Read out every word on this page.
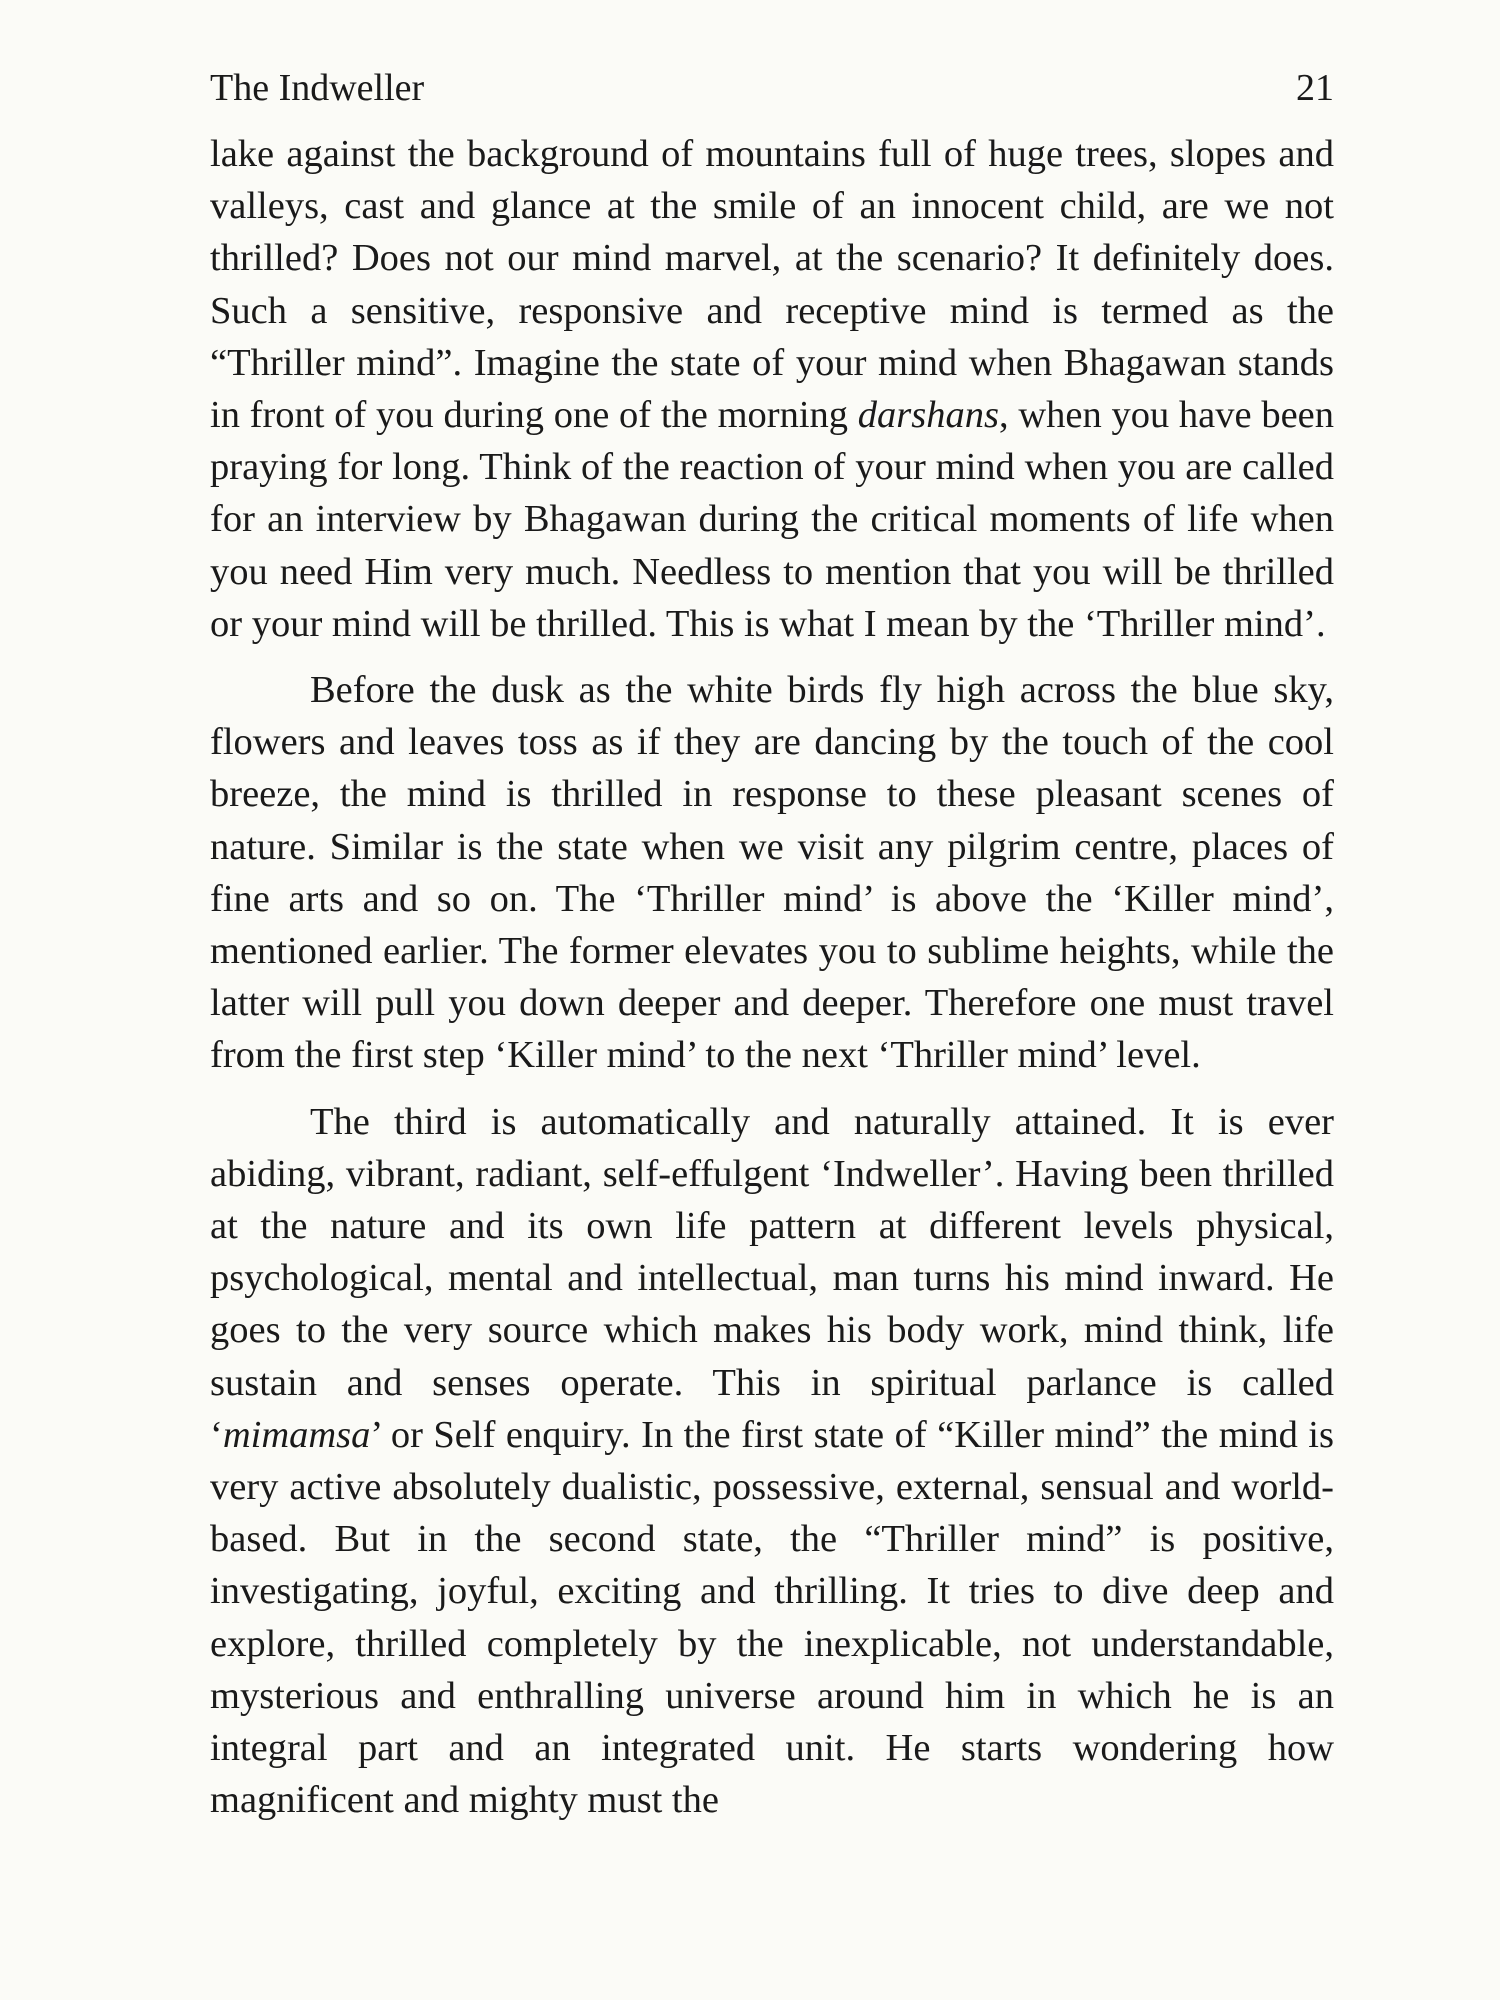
The Indweller	21

lake against the background of mountains full of huge trees, slopes and valleys, cast and glance at the smile of an innocent child, are we not thrilled? Does not our mind marvel, at the scenario? It definitely does. Such a sensitive, responsive and receptive mind is termed as the “Thriller mind”. Imagine the state of your mind when Bhagawan stands in front of you during one of the morning darshans, when you have been praying for long. Think of the reaction of your mind when you are called for an interview by Bhagawan during the critical moments of life when you need Him very much. Needless to mention that you will be thrilled or your mind will be thrilled. This is what I mean by the ‘Thriller mind’.

Before the dusk as the white birds fly high across the blue sky, flowers and leaves toss as if they are dancing by the touch of the cool breeze, the mind is thrilled in response to these pleasant scenes of nature. Similar is the state when we visit any pilgrim centre, places of fine arts and so on. The ‘Thriller mind’ is above the ‘Killer mind’, mentioned earlier. The former elevates you to sublime heights, while the latter will pull you down deeper and deeper. Therefore one must travel from the first step ‘Killer mind’ to the next ‘Thriller mind’ level.

The third is automatically and naturally attained. It is ever abiding, vibrant, radiant, self-effulgent ‘Indweller’. Having been thrilled at the nature and its own life pattern at different levels physical, psychological, mental and intellectual, man turns his mind inward. He goes to the very source which makes his body work, mind think, life sustain and senses operate. This in spiritual parlance is called ‘mimamsa’ or Self enquiry. In the first state of “Killer mind” the mind is very active absolutely dualistic, possessive, external, sensual and world-based. But in the second state, the “Thriller mind” is positive, investigating, joyful, exciting and thrilling. It tries to dive deep and explore, thrilled completely by the inexplicable, not understandable, mysterious and enthralling universe around him in which he is an integral part and an integrated unit. He starts wondering how magnificent and mighty must the
